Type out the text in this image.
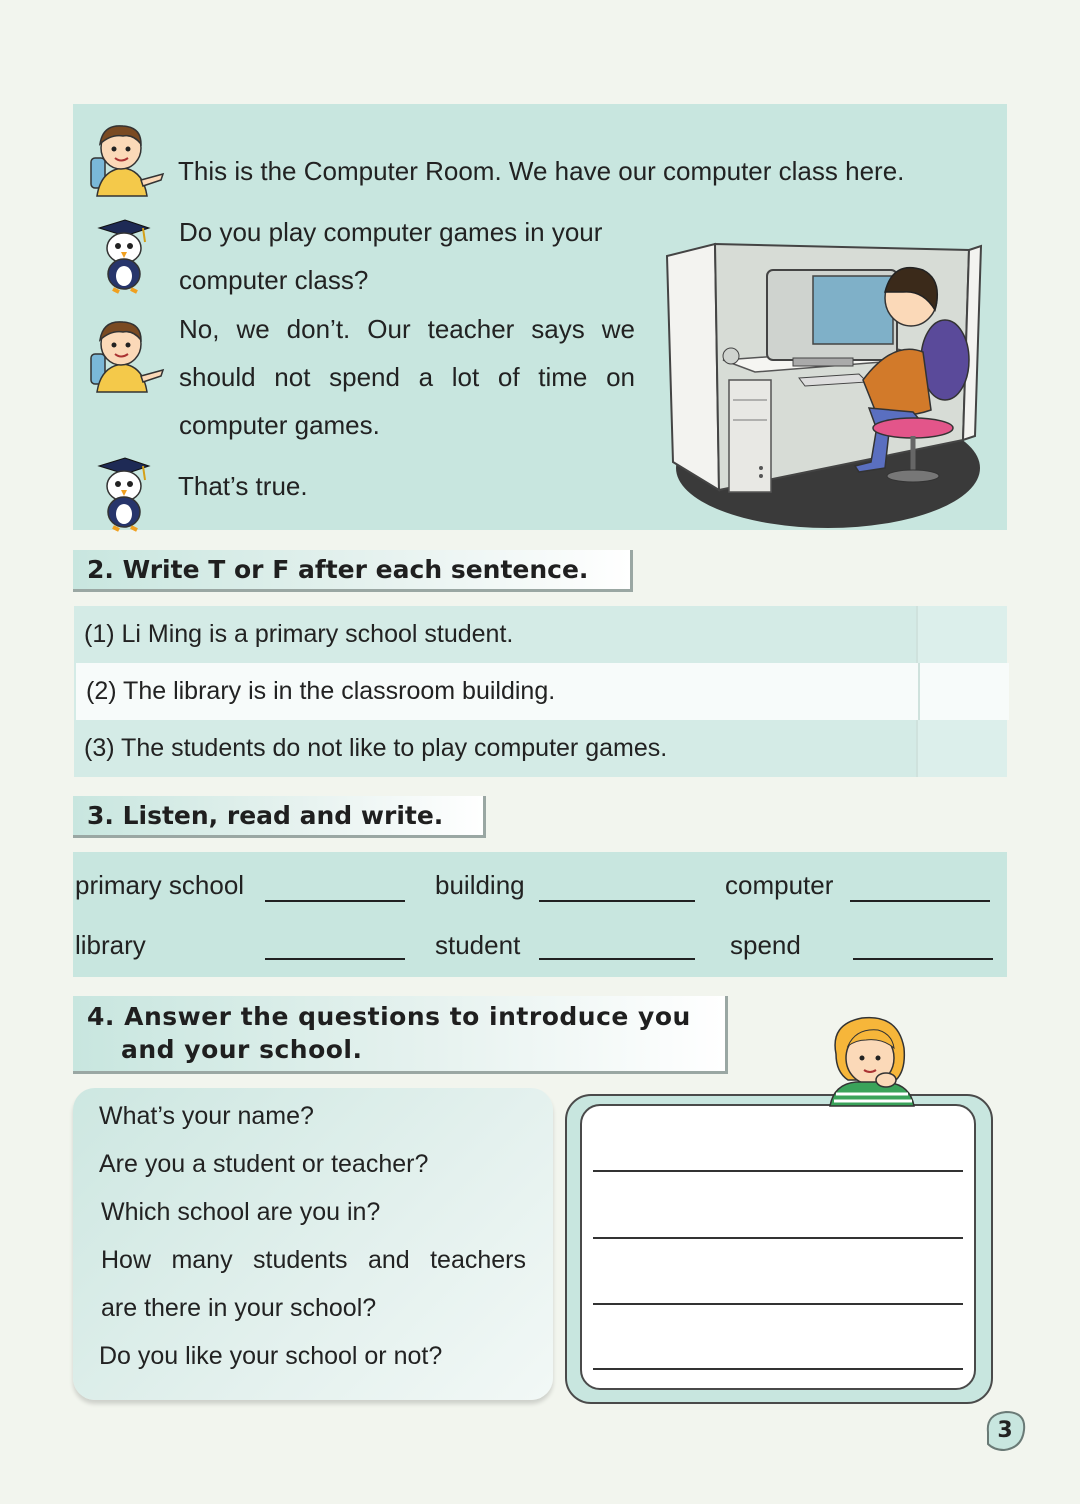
This is the Computer Room. We have our computer class here.
Do you play computer games in your
computer class?
No, we don’t. Our teacher says we
should not spend a lot of time on
computer games.
That’s true.
2. Write T or F after each sentence.
(1) Li Ming is a primary school student.
(2) The library is in the classroom building.
(3) The students do not like to play computer games.
3. Listen, read and write.
primary school	building	computer
library	student	spend
4. Answer the questions to introduce you
and your school.
What’s your name?
Are you a student or teacher?
Which school are you in?
How many students and teachers
are there in your school?
Do you like your school or not?
3
